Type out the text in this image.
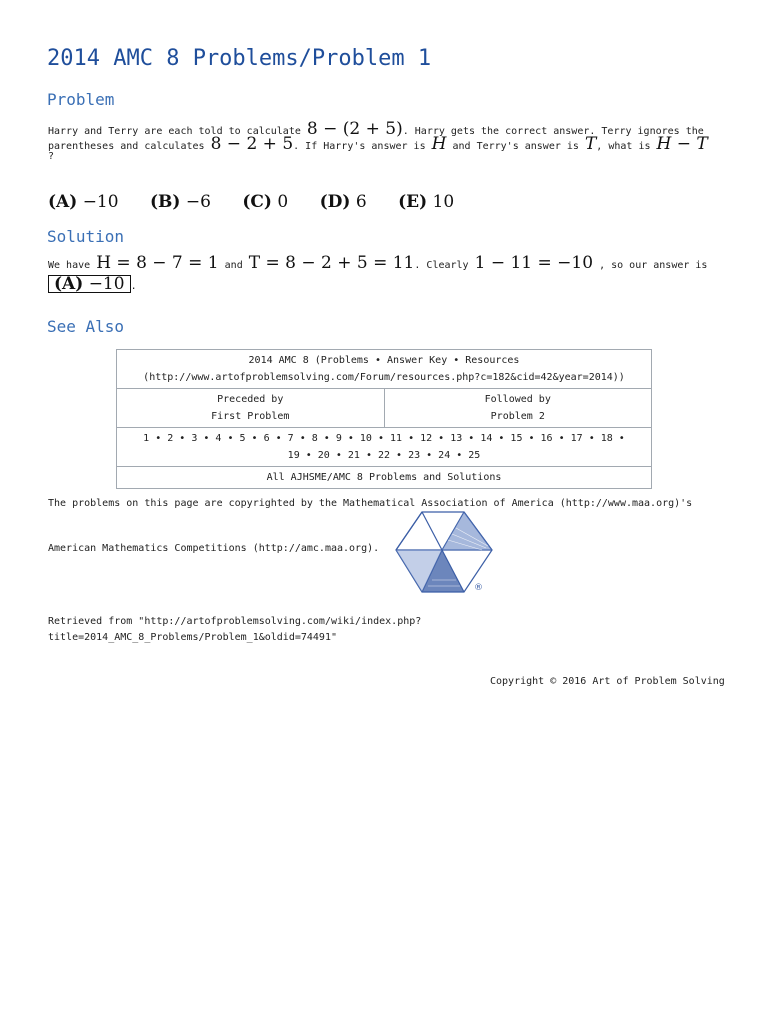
2014 AMC 8 Problems/Problem 1
Problem
Harry and Terry are each told to calculate 8 − (2 + 5). Harry gets the correct answer. Terry ignores the
parentheses and calculates 8 − 2 + 5. If Harry's answer is H and Terry's answer is T, what is H − T
?
(A) −10 (B) −6 (C) 0 (D) 6 (E) 10
Solution
We have H = 8 − 7 = 1 and T = 8 − 2 + 5 = 11. Clearly 1 − 11 = −10 , so our answer is
(A) −10 .
See Also
2014 AMC 8 (Problems • Answer Key • Resources
(http://www.artofproblemsolving.com/Forum/resources.php?c=182&cid=42&year=2014))

Preceded by
First Problem

Followed by
Problem 2

1 • 2 • 3 • 4 • 5 • 6 • 7 • 8 • 9 • 10 • 11 • 12 • 13 • 14 • 15 • 16 • 17 • 18 •
19 • 20 • 21 • 22 • 23 • 24 • 25

All AJHSME/AMC 8 Problems and Solutions
The problems on this page are copyrighted by the Mathematical Association of America (http://www.maa.org)'s
American Mathematics Competitions (http://amc.maa.org).
®
Retrieved from "http://artofproblemsolving.com/wiki/index.php?
title=2014_AMC_8_Problems/Problem_1&oldid=74491"
Copyright © 2016 Art of Problem Solving
